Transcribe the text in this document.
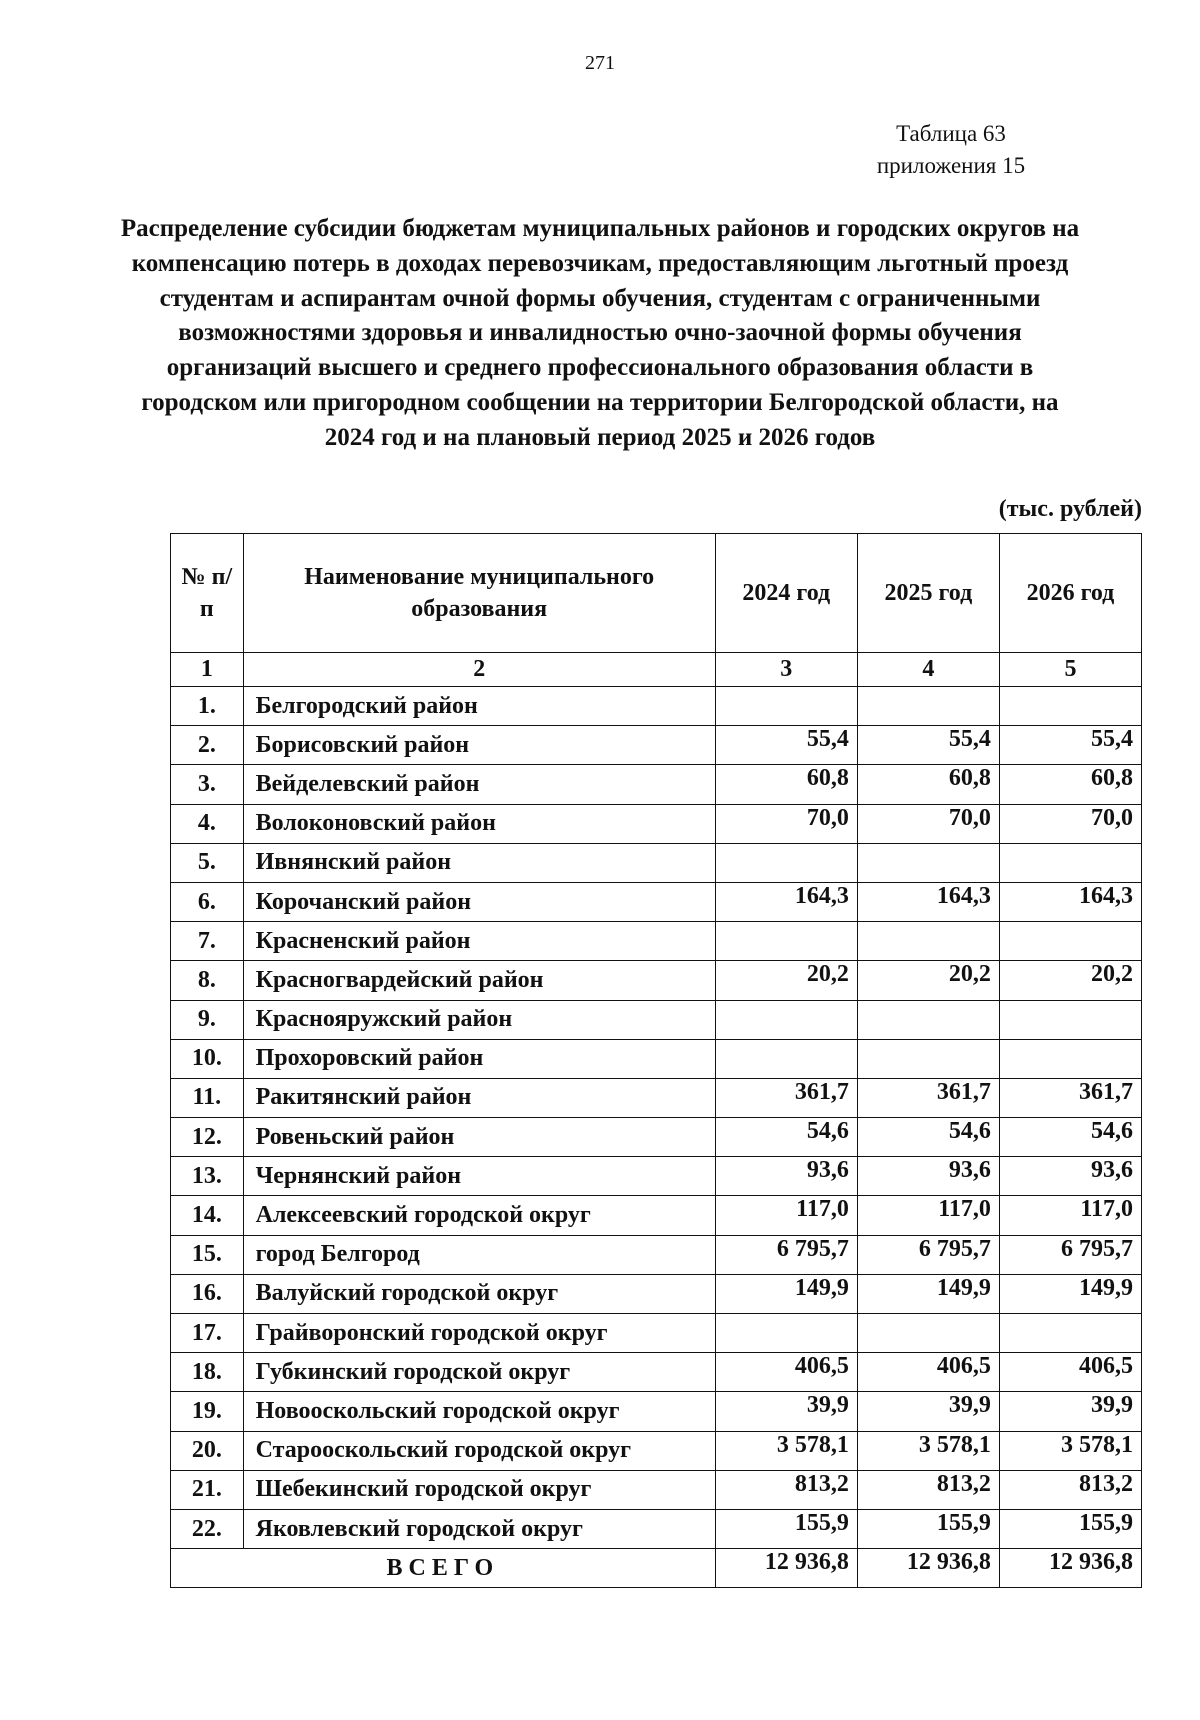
271
Таблица 63
приложения 15
Распределение субсидии бюджетам муниципальных районов и городских округов на компенсацию потерь в доходах перевозчикам, предоставляющим льготный проезд студентам и аспирантам очной формы обучения, студентам с ограниченными возможностями здоровья и инвалидностью очно-заочной формы обучения организаций высшего и среднего профессионального образования области в городском или пригородном сообщении на территории Белгородской области, на 2024 год и на плановый период 2025 и 2026 годов
(тыс. рублей)
№ п/п	Наименование муниципального образования	2024 год	2025 год	2026 год
1	2	3	4	5
1.	Белгородский район			
2.	Борисовский район	55,4	55,4	55,4
3.	Вейделевский район	60,8	60,8	60,8
4.	Волоконовский район	70,0	70,0	70,0
5.	Ивнянский район			
6.	Корочанский район	164,3	164,3	164,3
7.	Красненский район			
8.	Красногвардейский район	20,2	20,2	20,2
9.	Краснояружский район			
10.	Прохоровский район			
11.	Ракитянский район	361,7	361,7	361,7
12.	Ровеньский район	54,6	54,6	54,6
13.	Чернянский район	93,6	93,6	93,6
14.	Алексеевский городской округ	117,0	117,0	117,0
15.	город Белгород	6 795,7	6 795,7	6 795,7
16.	Валуйский городской округ	149,9	149,9	149,9
17.	Грайворонский городской округ			
18.	Губкинский городской округ	406,5	406,5	406,5
19.	Новооскольский городской округ	39,9	39,9	39,9
20.	Старооскольский городской округ	3 578,1	3 578,1	3 578,1
21.	Шебекинский городской округ	813,2	813,2	813,2
22.	Яковлевский городской округ	155,9	155,9	155,9
ВСЕГО		12 936,8	12 936,8	12 936,8
